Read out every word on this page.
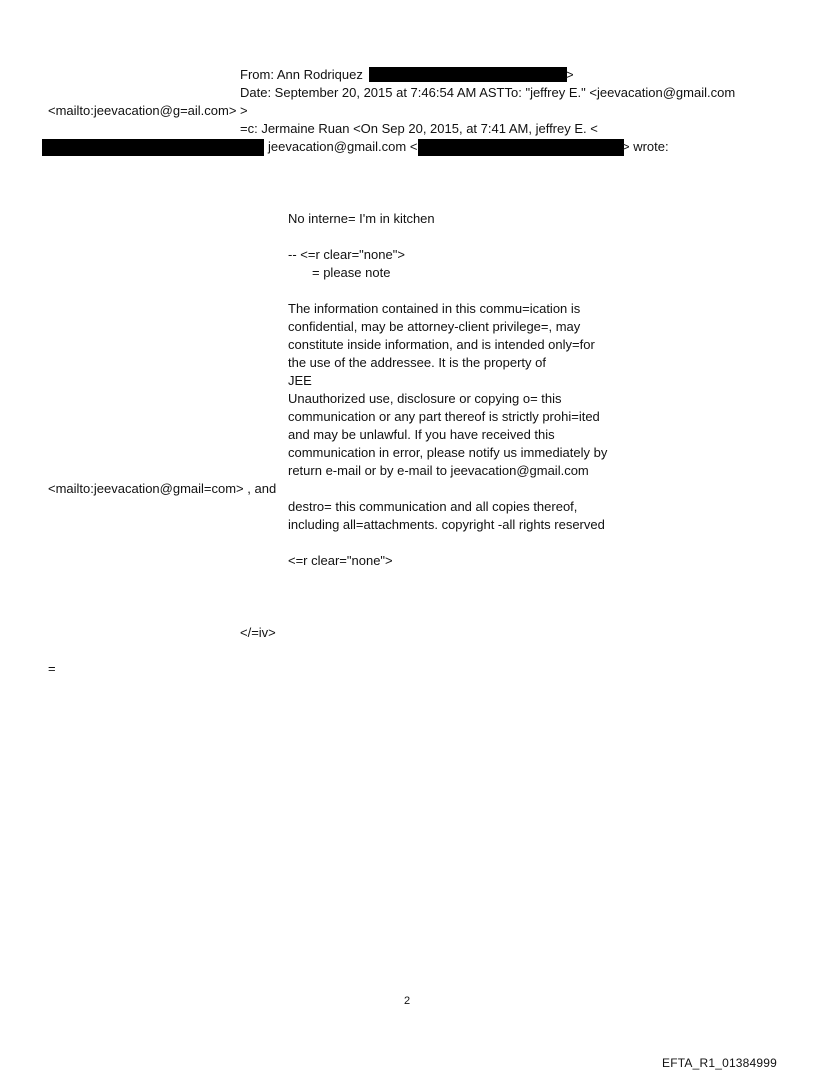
From: Ann Rodriquez	>
Date: September 20, 2015 at 7:46:54 AM ASTTo: "jeffrey E." <jeevacation@gmail.com
<mailto:jeevacation@g=ail.com> >
=c: Jermaine Ruan <On Sep 20, 2015, at 7:41 AM, jeffrey E. <
jeevacation@gmail.com <	> wrote:
No interne= I'm in kitchen
-- <=r clear="none">
= please note
The information contained in this commu=ication is
confidential, may be attorney-client privilege=, may
constitute inside information, and is intended only=for
the use of the addressee. It is the property of
JEE
Unauthorized use, disclosure or copying o= this
communication or any part thereof is strictly prohi=ited
and may be unlawful. If you have received this
communication in error, please notify us immediately by
return e-mail or by e-mail to jeevacation@gmail.com
<mailto:jeevacation@gmail=com> , and
destro= this communication and all copies thereof,
including all=attachments. copyright -all rights reserved
<=r clear="none">
</=iv>
=
2
EFTA_R1_01384999
